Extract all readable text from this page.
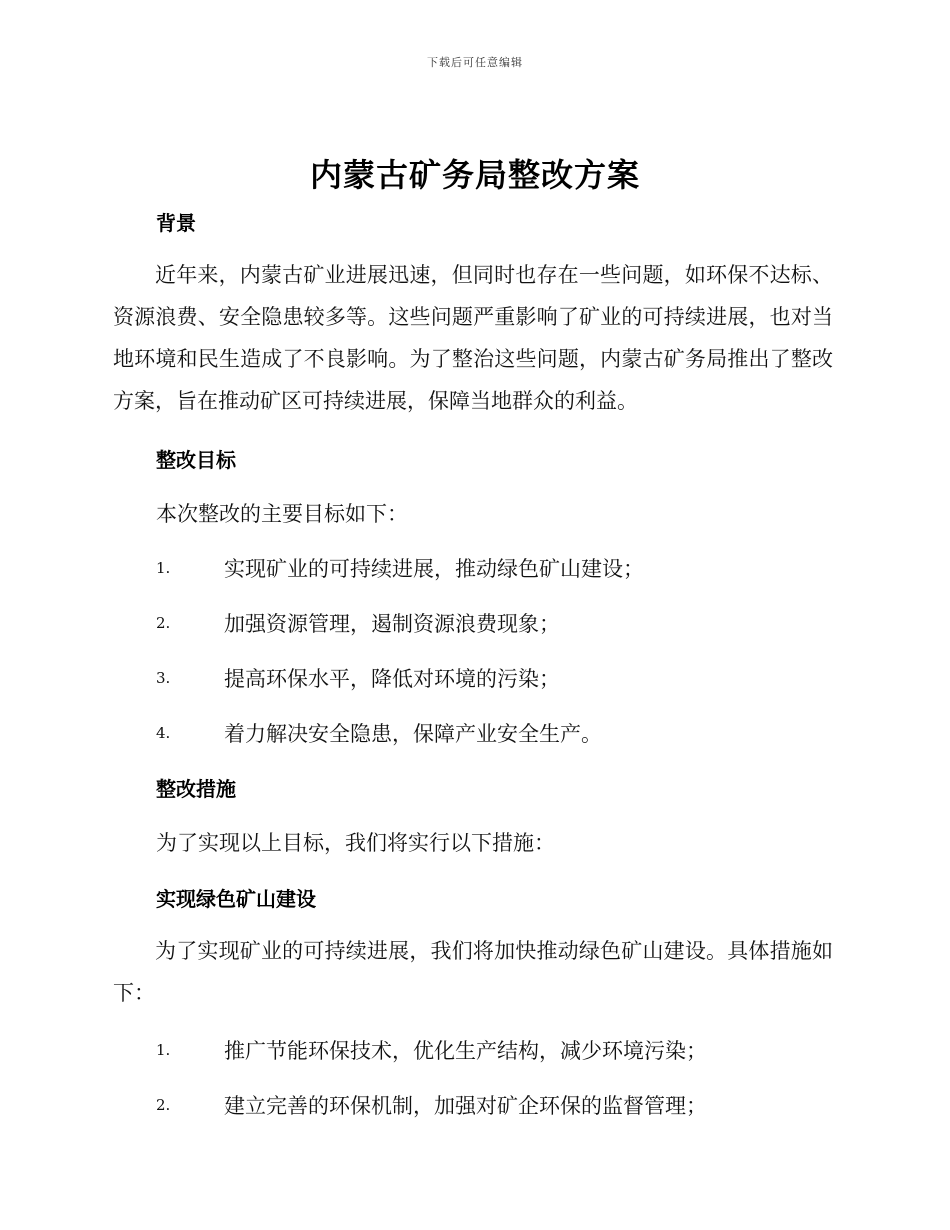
下载后可任意编辑
内蒙古矿务局整改方案
背景
近年来，内蒙古矿业进展迅速，但同时也存在一些问题，如环保不达标、资源浪费、安全隐患较多等。这些问题严重影响了矿业的可持续进展，也对当地环境和民生造成了不良影响。为了整治这些问题，内蒙古矿务局推出了整改方案，旨在推动矿区可持续进展，保障当地群众的利益。
整改目标
本次整改的主要目标如下：
1.	实现矿业的可持续进展，推动绿色矿山建设；
2.	加强资源管理，遏制资源浪费现象；
3.	提高环保水平，降低对环境的污染；
4.	着力解决安全隐患，保障产业安全生产。
整改措施
为了实现以上目标，我们将实行以下措施：
实现绿色矿山建设
为了实现矿业的可持续进展，我们将加快推动绿色矿山建设。具体措施如下：
1.	推广节能环保技术，优化生产结构，减少环境污染；
2.	建立完善的环保机制，加强对矿企环保的监督管理；
